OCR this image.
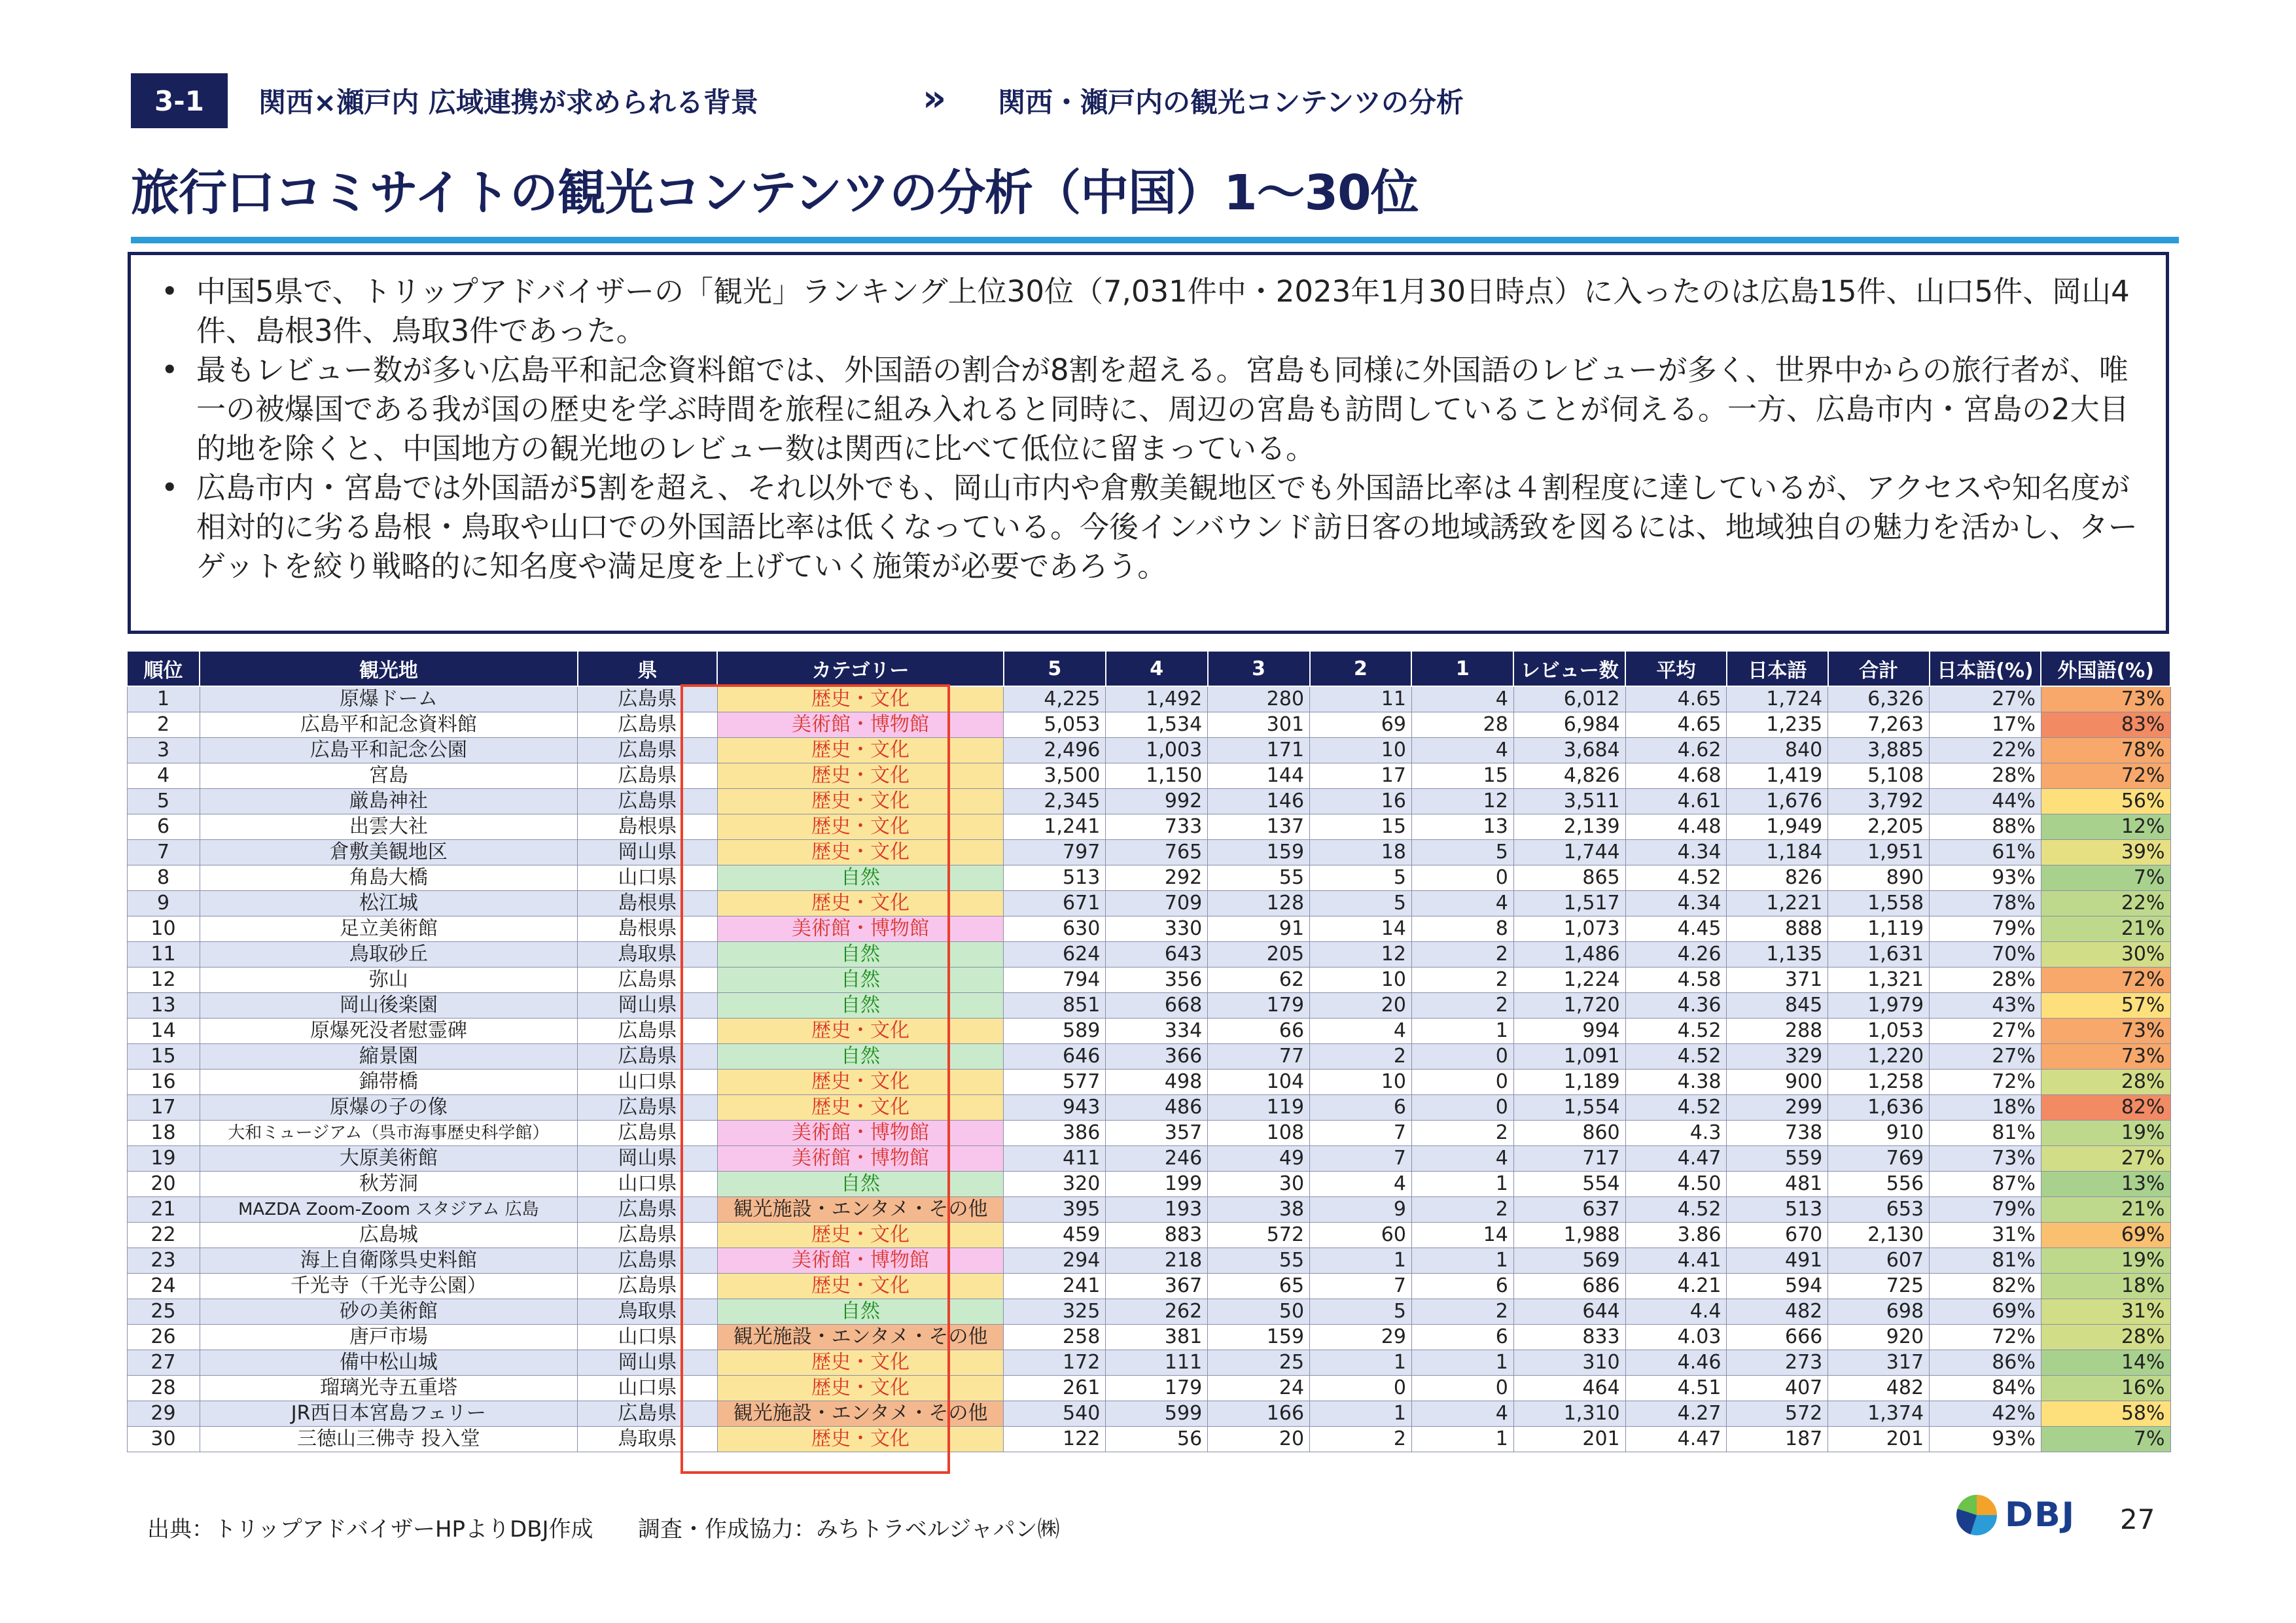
3-1	関西×瀬戸内 広域連携が求められる背景	» 関西・瀬戸内の観光コンテンツの分析
旅行口コミサイトの観光コンテンツの分析（中国）1～30位
• 中国5県で、トリップアドバイザーの「観光」ランキング上位30位（7,031件中・2023年1月30日時点）に入ったのは広島15件、山口5件、岡山4件、島根3件、鳥取3件であった。
• 最もレビュー数が多い広島平和記念資料館では、外国語の割合が8割を超える。宮島も同様に外国語のレビューが多く、世界中からの旅行者が、唯一の被爆国である我が国の歴史を学ぶ時間を旅程に組み入れると同時に、周辺の宮島も訪問していることが伺える。一方、広島市内・宮島の2大目的地を除くと、中国地方の観光地のレビュー数は関西に比べて低位に留まっている。
• 広島市内・宮島では外国語が5割を超え、それ以外でも、岡山市内や倉敷美観地区でも外国語比率は４割程度に達しているが、アクセスや知名度が相対的に劣る島根・鳥取や山口での外国語比率は低くなっている。今後インバウンド訪日客の地域誘致を図るには、地域独自の魅力を活かし、ターゲットを絞り戦略的に知名度や満足度を上げていく施策が必要であろう。
順位	観光地	県	カテゴリー	5	4	3	2	1	レビュー数	平均	日本語	合計	日本語(%)	外国語(%)
1	原爆ドーム	広島県	歴史・文化	4,225	1,492	280	11	4	6,012	4.65	1,724	6,326	27%	73%
2	広島平和記念資料館	広島県	美術館・博物館	5,053	1,534	301	69	28	6,984	4.65	1,235	7,263	17%	83%
3	広島平和記念公園	広島県	歴史・文化	2,496	1,003	171	10	4	3,684	4.62	840	3,885	22%	78%
4	宮島	広島県	歴史・文化	3,500	1,150	144	17	15	4,826	4.68	1,419	5,108	28%	72%
5	厳島神社	広島県	歴史・文化	2,345	992	146	16	12	3,511	4.61	1,676	3,792	44%	56%
6	出雲大社	島根県	歴史・文化	1,241	733	137	15	13	2,139	4.48	1,949	2,205	88%	12%
7	倉敷美観地区	岡山県	歴史・文化	797	765	159	18	5	1,744	4.34	1,184	1,951	61%	39%
8	角島大橋	山口県	自然	513	292	55	5	0	865	4.52	826	890	93%	7%
9	松江城	島根県	歴史・文化	671	709	128	5	4	1,517	4.34	1,221	1,558	78%	22%
10	足立美術館	島根県	美術館・博物館	630	330	91	14	8	1,073	4.45	888	1,119	79%	21%
11	鳥取砂丘	鳥取県	自然	624	643	205	12	2	1,486	4.26	1,135	1,631	70%	30%
12	弥山	広島県	自然	794	356	62	10	2	1,224	4.58	371	1,321	28%	72%
13	岡山後楽園	岡山県	自然	851	668	179	20	2	1,720	4.36	845	1,979	43%	57%
14	原爆死没者慰霊碑	広島県	歴史・文化	589	334	66	4	1	994	4.52	288	1,053	27%	73%
15	縮景園	広島県	自然	646	366	77	2	0	1,091	4.52	329	1,220	27%	73%
16	錦帯橋	山口県	歴史・文化	577	498	104	10	0	1,189	4.38	900	1,258	72%	28%
17	原爆の子の像	広島県	歴史・文化	943	486	119	6	0	1,554	4.52	299	1,636	18%	82%
18	大和ミュージアム（呉市海事歴史科学館）	広島県	美術館・博物館	386	357	108	7	2	860	4.3	738	910	81%	19%
19	大原美術館	岡山県	美術館・博物館	411	246	49	7	4	717	4.47	559	769	73%	27%
20	秋芳洞	山口県	自然	320	199	30	4	1	554	4.50	481	556	87%	13%
21	MAZDA Zoom-Zoom スタジアム 広島	広島県	観光施設・エンタメ・その他	395	193	38	9	2	637	4.52	513	653	79%	21%
22	広島城	広島県	歴史・文化	459	883	572	60	14	1,988	3.86	670	2,130	31%	69%
23	海上自衛隊呉史料館	広島県	美術館・博物館	294	218	55	1	1	569	4.41	491	607	81%	19%
24	千光寺（千光寺公園）	広島県	歴史・文化	241	367	65	7	6	686	4.21	594	725	82%	18%
25	砂の美術館	鳥取県	自然	325	262	50	5	2	644	4.4	482	698	69%	31%
26	唐戸市場	山口県	観光施設・エンタメ・その他	258	381	159	29	6	833	4.03	666	920	72%	28%
27	備中松山城	岡山県	歴史・文化	172	111	25	1	1	310	4.46	273	317	86%	14%
28	瑠璃光寺五重塔	山口県	歴史・文化	261	179	24	0	0	464	4.51	407	482	84%	16%
29	JR西日本宮島フェリー	広島県	観光施設・エンタメ・その他	540	599	166	1	4	1,310	4.27	572	1,374	42%	58%
30	三徳山三佛寺 投入堂	鳥取県	歴史・文化	122	56	20	2	1	201	4.47	187	201	93%	7%
出典：トリップアドバイザーHPよりDBJ作成 調査・作成協力：みちトラベルジャパン㈱	DBJ 27
